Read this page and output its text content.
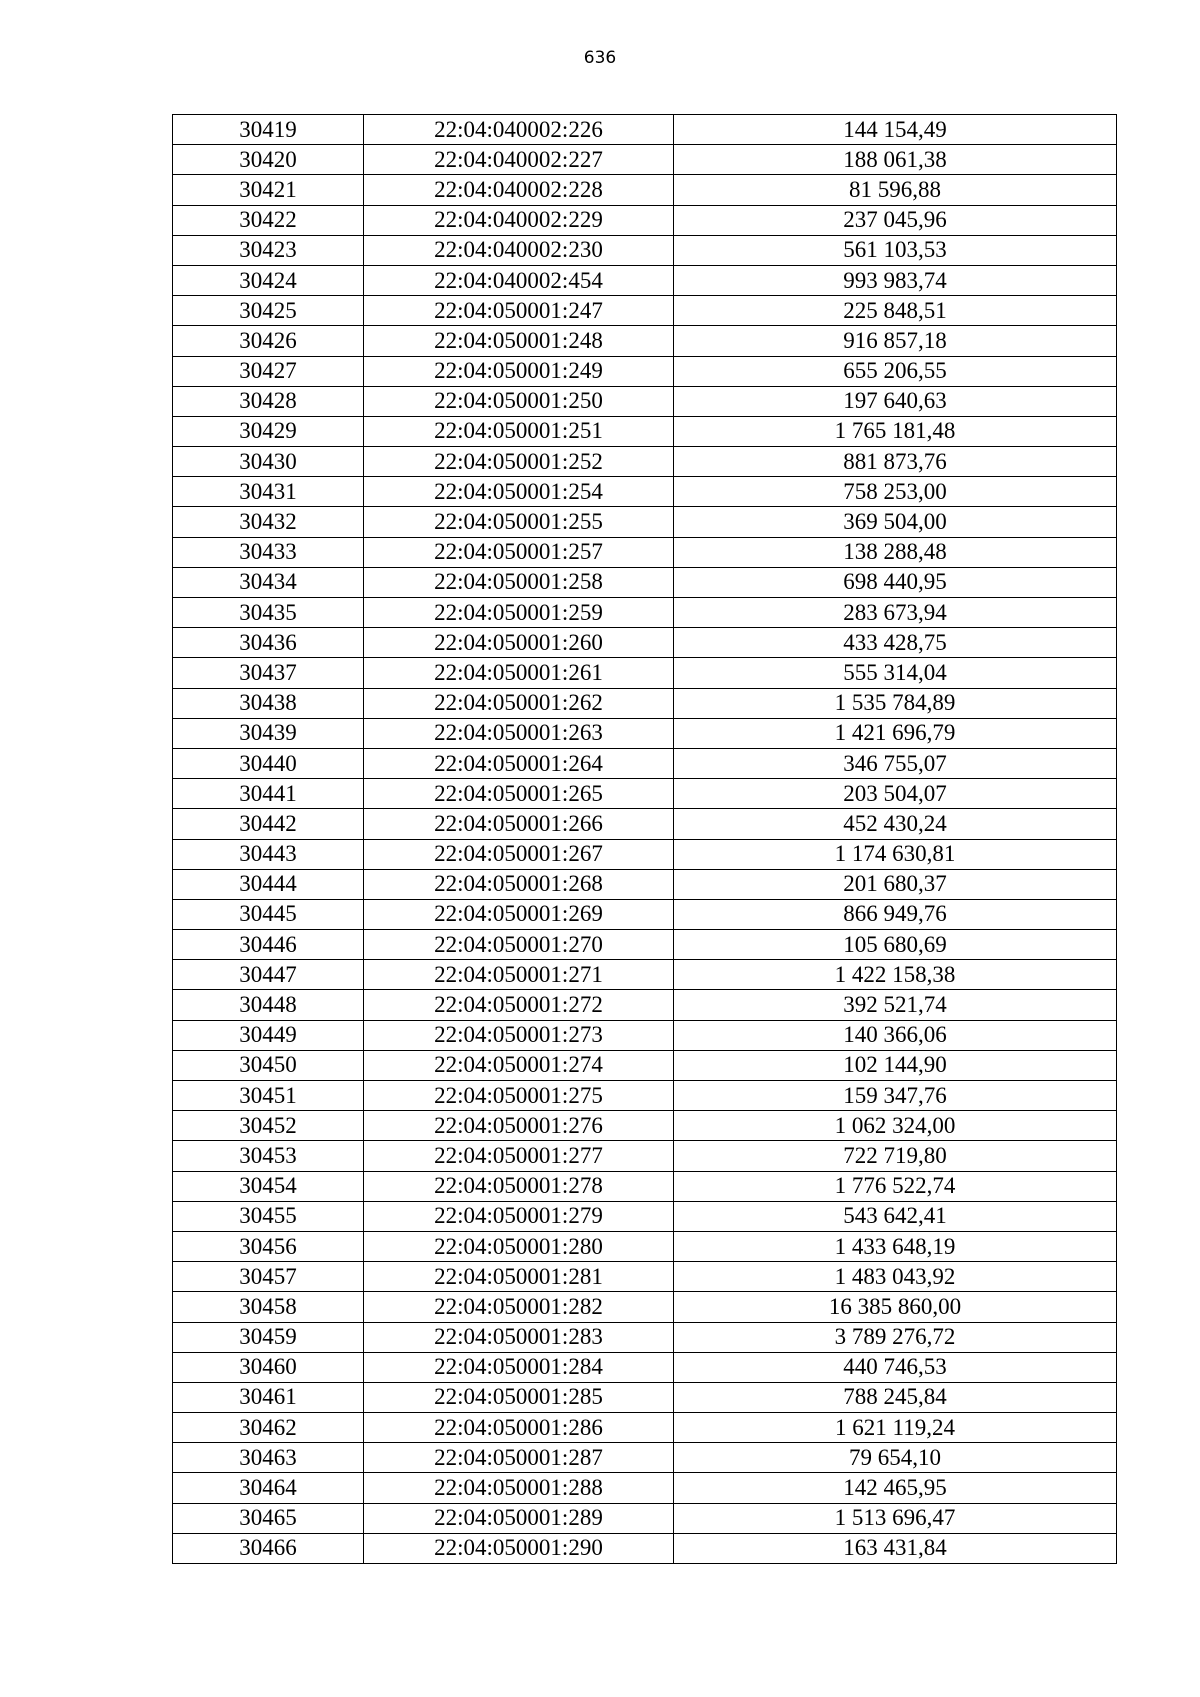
636
30419	22:04:040002:226	144 154,49
30420	22:04:040002:227	188 061,38
30421	22:04:040002:228	81 596,88
30422	22:04:040002:229	237 045,96
30423	22:04:040002:230	561 103,53
30424	22:04:040002:454	993 983,74
30425	22:04:050001:247	225 848,51
30426	22:04:050001:248	916 857,18
30427	22:04:050001:249	655 206,55
30428	22:04:050001:250	197 640,63
30429	22:04:050001:251	1 765 181,48
30430	22:04:050001:252	881 873,76
30431	22:04:050001:254	758 253,00
30432	22:04:050001:255	369 504,00
30433	22:04:050001:257	138 288,48
30434	22:04:050001:258	698 440,95
30435	22:04:050001:259	283 673,94
30436	22:04:050001:260	433 428,75
30437	22:04:050001:261	555 314,04
30438	22:04:050001:262	1 535 784,89
30439	22:04:050001:263	1 421 696,79
30440	22:04:050001:264	346 755,07
30441	22:04:050001:265	203 504,07
30442	22:04:050001:266	452 430,24
30443	22:04:050001:267	1 174 630,81
30444	22:04:050001:268	201 680,37
30445	22:04:050001:269	866 949,76
30446	22:04:050001:270	105 680,69
30447	22:04:050001:271	1 422 158,38
30448	22:04:050001:272	392 521,74
30449	22:04:050001:273	140 366,06
30450	22:04:050001:274	102 144,90
30451	22:04:050001:275	159 347,76
30452	22:04:050001:276	1 062 324,00
30453	22:04:050001:277	722 719,80
30454	22:04:050001:278	1 776 522,74
30455	22:04:050001:279	543 642,41
30456	22:04:050001:280	1 433 648,19
30457	22:04:050001:281	1 483 043,92
30458	22:04:050001:282	16 385 860,00
30459	22:04:050001:283	3 789 276,72
30460	22:04:050001:284	440 746,53
30461	22:04:050001:285	788 245,84
30462	22:04:050001:286	1 621 119,24
30463	22:04:050001:287	79 654,10
30464	22:04:050001:288	142 465,95
30465	22:04:050001:289	1 513 696,47
30466	22:04:050001:290	163 431,84
